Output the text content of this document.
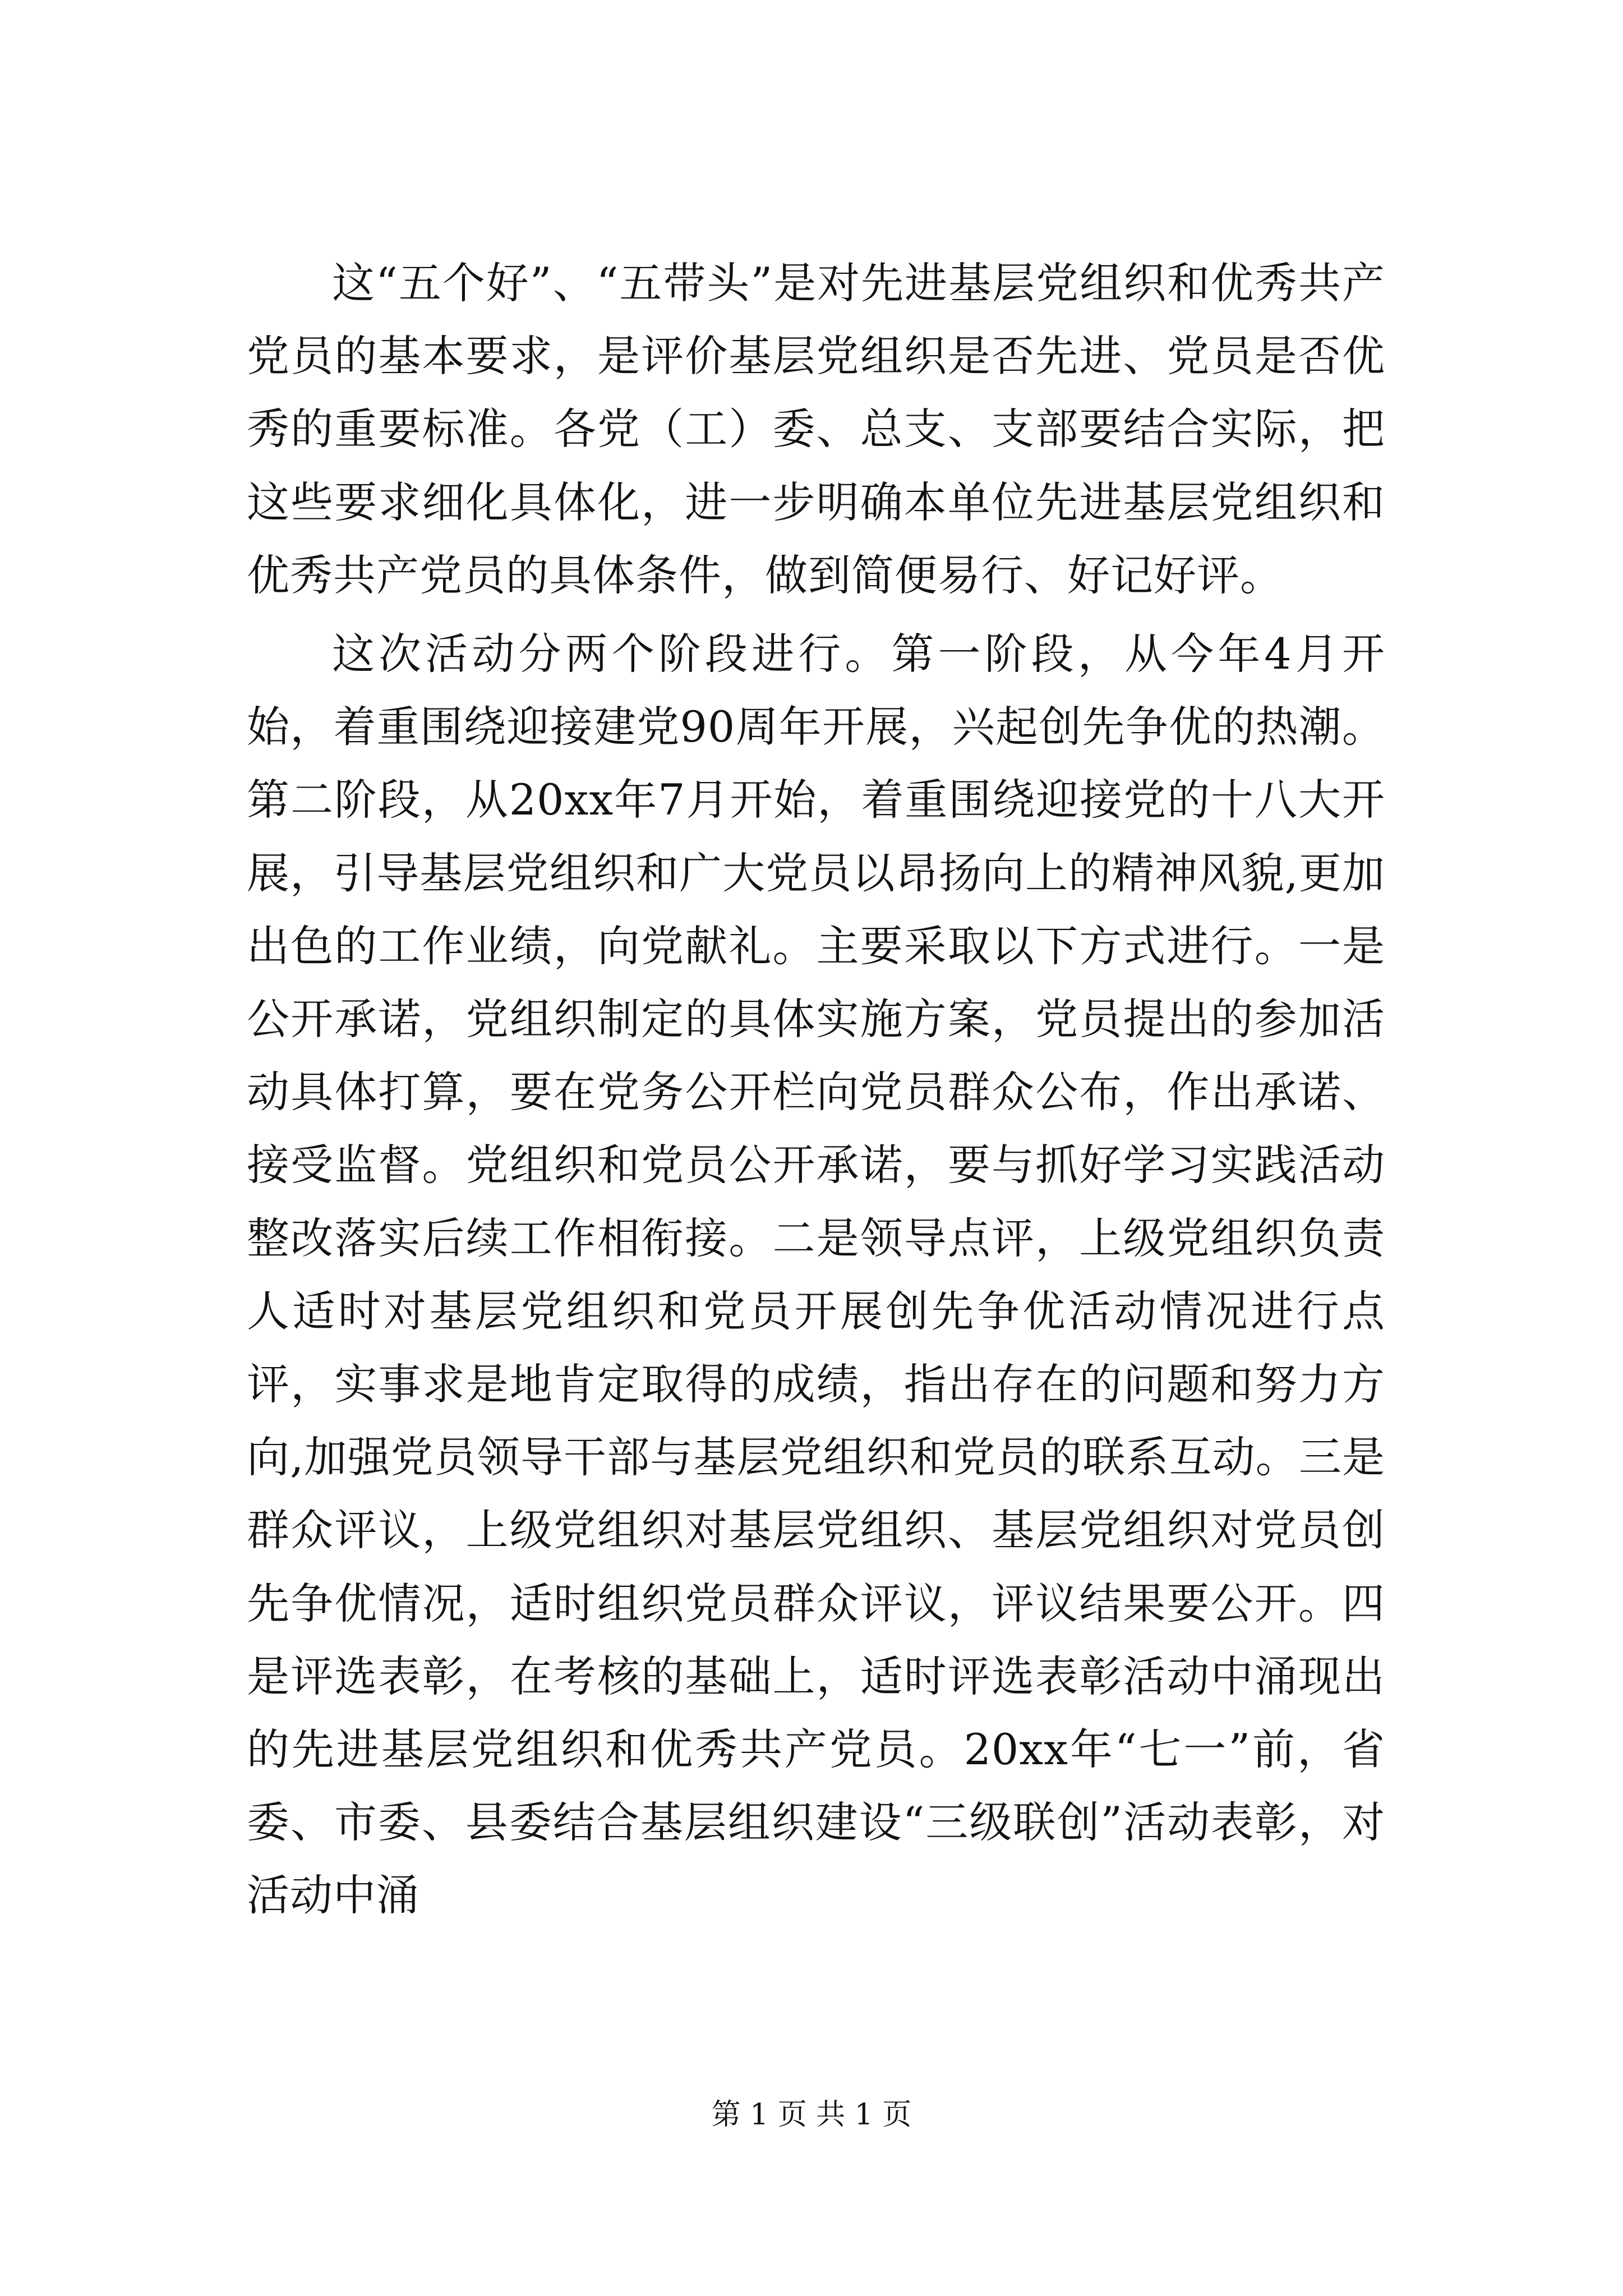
这“五个好”、“五带头”是对先进基层党组织和优秀共产党员的基本要求，是评价基层党组织是否先进、党员是否优秀的重要标准。各党（工）委、总支、支部要结合实际，把这些要求细化具体化，进一步明确本单位先进基层党组织和优秀共产党员的具体条件，做到简便易行、好记好评。

这次活动分两个阶段进行。第一阶段，从今年4月开始，着重围绕迎接建党90周年开展，兴起创先争优的热潮。第二阶段，从20xx年7月开始，着重围绕迎接党的十八大开展，引导基层党组织和广大党员以昂扬向上的精神风貌,更加出色的工作业绩，向党献礼。主要采取以下方式进行。一是公开承诺，党组织制定的具体实施方案，党员提出的参加活动具体打算，要在党务公开栏向党员群众公布，作出承诺、接受监督。党组织和党员公开承诺，要与抓好学习实践活动整改落实后续工作相衔接。二是领导点评，上级党组织负责人适时对基层党组织和党员开展创先争优活动情况进行点评，实事求是地肯定取得的成绩，指出存在的问题和努力方向,加强党员领导干部与基层党组织和党员的联系互动。三是群众评议，上级党组织对基层党组织、基层党组织对党员创先争优情况，适时组织党员群众评议，评议结果要公开。四是评选表彰，在考核的基础上，适时评选表彰活动中涌现出的先进基层党组织和优秀共产党员。20xx年“七一”前，省委、市委、县委结合基层组织建设“三级联创”活动表彰，对活动中涌

第 1 页 共 1 页
